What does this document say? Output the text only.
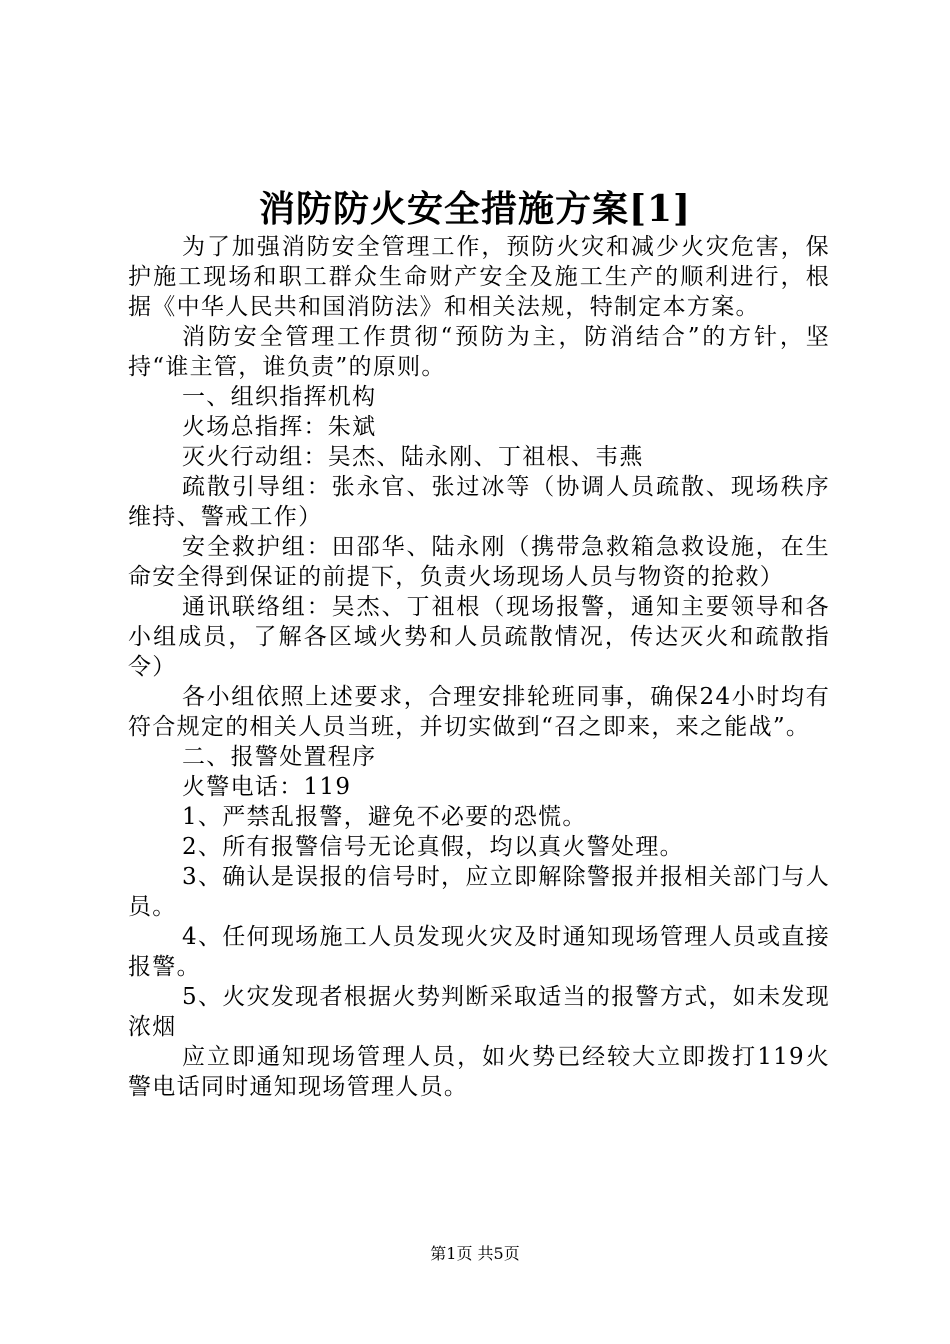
消防防火安全措施方案[1]

为了加强消防安全管理工作，预防火灾和减少火灾危害，保护施工现场和职工群众生命财产安全及施工生产的顺利进行，根据《中华人民共和国消防法》和相关法规，特制定本方案。

消防安全管理工作贯彻“预防为主，防消结合”的方针，坚持“谁主管，谁负责”的原则。

一、组织指挥机构

火场总指挥：朱斌

灭火行动组：吴杰、陆永刚、丁祖根、韦燕

疏散引导组：张永官、张过冰等（协调人员疏散、现场秩序维持、警戒工作）

安全救护组：田邵华、陆永刚（携带急救箱急救设施，在生命安全得到保证的前提下，负责火场现场人员与物资的抢救）

通讯联络组：吴杰、丁祖根（现场报警，通知主要领导和各小组成员，了解各区域火势和人员疏散情况，传达灭火和疏散指令）

各小组依照上述要求，合理安排轮班同事，确保24小时均有符合规定的相关人员当班，并切实做到“召之即来，来之能战”。

二、报警处置程序

火警电话：119

1、严禁乱报警，避免不必要的恐慌。

2、所有报警信号无论真假，均以真火警处理。

3、确认是误报的信号时，应立即解除警报并报相关部门与人员。

4、任何现场施工人员发现火灾及时通知现场管理人员或直接报警。

5、火灾发现者根据火势判断采取适当的报警方式，如未发现浓烟

应立即通知现场管理人员，如火势已经较大立即拨打119火警电话同时通知现场管理人员。

第1页 共5页
